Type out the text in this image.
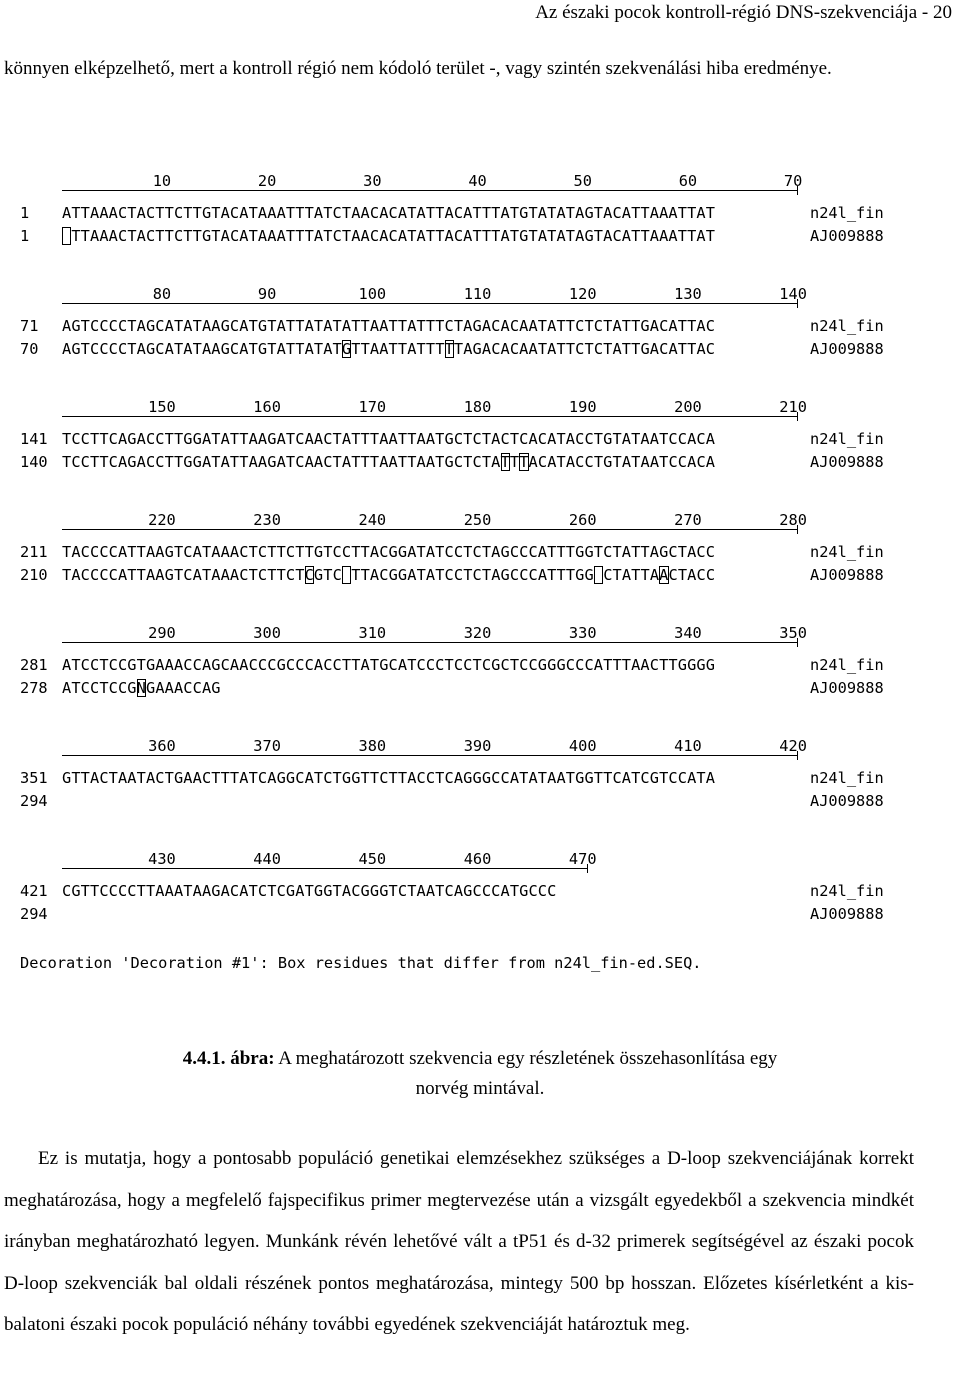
Az északi pocok kontroll-régió DNS-szekvenciája - 20
könnyen elképzelhető, mert a kontroll régió nem kódoló terület -, vagy szintén szekvenálási hiba eredménye.
10	20	30	40	50	60	70
1	ATTAAACTACTTCTTGTACATAAATTTATCTAACACATATTACATTTATGTATATAGTACATTAAATTAT	n24l_fin
1	TTAAACTACTTCTTGTACATAAATTTATCTAACACATATTACATTTATGTATATAGTACATTAAATTAT	AJ009888
80	90	100	110	120	130	140
71	AGTCCCCTAGCATATAAGCATGTATTATATATTAATTATTTCTAGACACAATATTCTCTATTGACATTAC	n24l_fin
70	AGTCCCCTAGCATATAAGCATGTATTATATGTTAATTATTTTTAGACACAATATTCTCTATTGACATTAC	AJ009888
150	160	170	180	190	200	210
141 TCCTTCAGACCTTGGATATTAAGATCAACTATTTAATTAATGCTCTACTCACATACCTGTATAATCCACA	n24l_fin
140 TCCTTCAGACCTTGGATATTAAGATCAACTATTTAATTAATGCTCTATTTACATACCTGTATAATCCACA	AJ009888
220	230	240	250	260	270	280
211 TACCCCATTAAGTCATAAACTCTTCTTGTCCTTACGGATATCCTCTAGCCCATTTGGTCTATTAGCTACC	n24l_fin
210 TACCCCATTAAGTCATAAACTCTTCTCGTC TTACGGATATCCTCTAGCCCATTTGG CTATTAACTACC	AJ009888
290	300	310	320	330	340	350
281 ATCCTCCGTGAAACCAGCAACCCGCCCACCTTATGCATCCCTCCTCGCTCCGGGCCCATTTAACTTGGGG	n24l_fin
278 ATCCTCCGNGAAACCAG	AJ009888
360	370	380	390	400	410	420
351 GTTACTAATACTGAACTTTATCAGGCATCTGGTTCTTACCTCAGGGCCATATAATGGTTCATCGTCCATA	n24l_fin
294	AJ009888
430	440	450	460	470
421 CGTTCCCCTTAAATAAGACATCTCGATGGTACGGGTCTAATCAGCCCATGCCC	n24l_fin
294	AJ009888
Decoration 'Decoration #1': Box residues that differ from n24l_fin-ed.SEQ.
4.4.1. ábra: A meghatározott szekvencia egy részletének összehasonlítása egy
norvég mintával.
Ez is mutatja, hogy a pontosabb populáció genetikai elemzésekhez szükséges a D-loop szekvenciájának korrekt meghatározása, hogy a megfelelő fajspecifikus primer megtervezése után a vizsgált egyedekből a szekvencia mindkét irányban meghatározható legyen. Munkánk révén lehetővé vált a tP51 és d-32 primerek segítségével az északi pocok D-loop szekvenciák bal oldali részének pontos meghatározása, mintegy 500 bp hosszan. Előzetes kísérletként a kis-balatoni északi pocok populáció néhány további egyedének szekvenciáját határoztuk meg.
